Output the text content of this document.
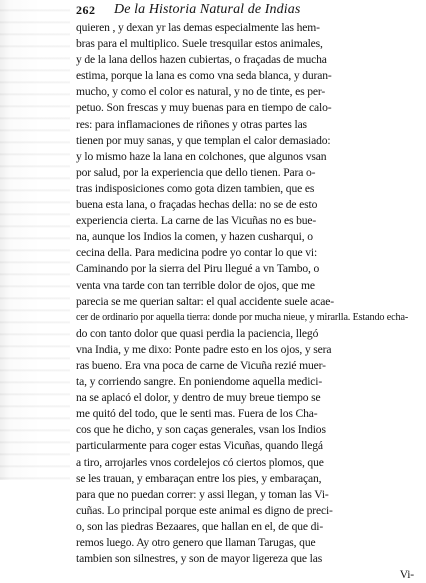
262 De la Historia Natural de Indias
quieren , y dexan yr las demas especialmente las hem-
bras para el multiplico. Suele tresquilar estos animales,
y de la lana dellos hazen cubiertas, o fraçadas de mucha
estima, porque la lana es como vna seda blanca, y duran-
mucho, y como el color es natural, y no de tinte, es per-
petuo. Son frescas y muy buenas para en tiempo de calo-
res: para inflamaciones de riñones y otras partes las
tienen por muy sanas, y que templan el calor demasiado:
y lo mismo haze la lana en colchones, que algunos vsan
por salud, por la experiencia que dello tienen. Para o-
tras indisposiciones como gota dizen tambien, que es
buena esta lana, o fraçadas hechas della: no se de esto
experiencia cierta. La carne de las Vicuñas no es bue-
na, aunque los Indios la comen, y hazen cusharqui, o
cecina della. Para medicina podre yo contar lo que vi:
Caminando por la sierra del Piru llegué a vn Tambo, o
venta vna tarde con tan terrible dolor de ojos, que me
parecia se me querian saltar: el qual accidente suele acae-
cer de ordinario por aquella tierra: donde por mucha nieue, y mirarlla. Estando echa-
do con tanto dolor que quasi perdia la paciencia, llegó
vna India, y me dixo: Ponte padre esto en los ojos, y sera
ras bueno. Era vna poca de carne de Vicuña rezié muer-
ta, y corriendo sangre. En poniendome aquella medici-
na se aplacó el dolor, y dentro de muy breue tiempo se
me quitó del todo, que le senti mas. Fuera de los Cha-
cos que he dicho, y son caças generales, vsan los Indios
particularmente para coger estas Vicuñas, quando llegá
a tiro, arrojarles vnos cordelejos có ciertos plomos, que
se les trauan, y embaraçan entre los pies, y embaraçan,
para que no puedan correr: y assi llegan, y toman las Vi-
cuñas. Lo principal porque este animal es digno de preci-
o, son las piedras Bezaares, que hallan en el, de que di-
remos luego. Ay otro genero que llaman Tarugas, que
tambien son silnestres, y son de mayor ligereza que las
Vi-
